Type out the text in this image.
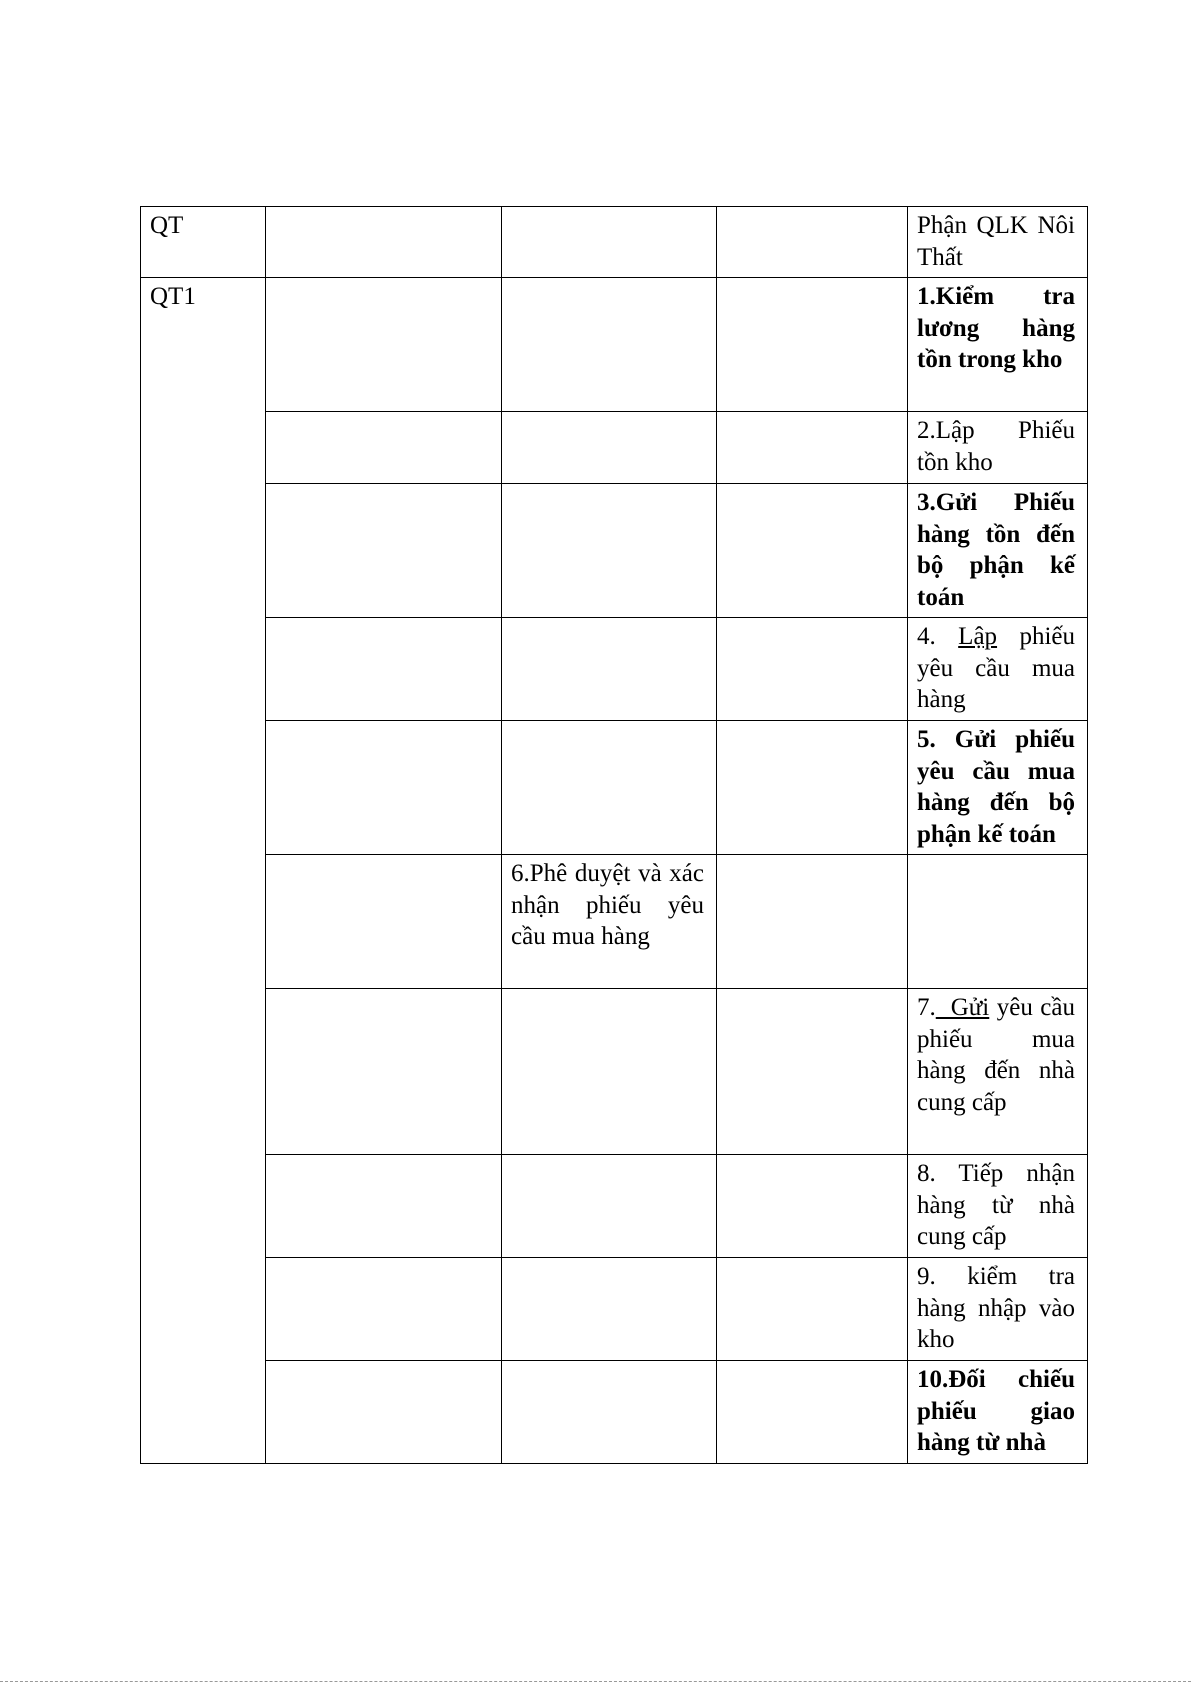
QT				Phận QLK Nôi Thất
QT1				1.Kiểm tra lương hàng tồn trong kho
				2.Lập Phiếu tồn kho
				3.Gửi Phiếu hàng tồn đến bộ phận kế toán
				4. Lập phiếu yêu cầu mua hàng
				5. Gửi phiếu yêu cầu mua hàng đến bộ phận kế toán
		6.Phê duyệt và xác nhận phiếu yêu cầu mua hàng		
				7.  Gửi yêu cầu phiếu mua hàng đến nhà cung cấp
				8. Tiếp nhận hàng từ nhà cung cấp
				9. kiểm tra hàng nhập vào kho
				10.Đối chiếu phiếu giao hàng từ nhà
